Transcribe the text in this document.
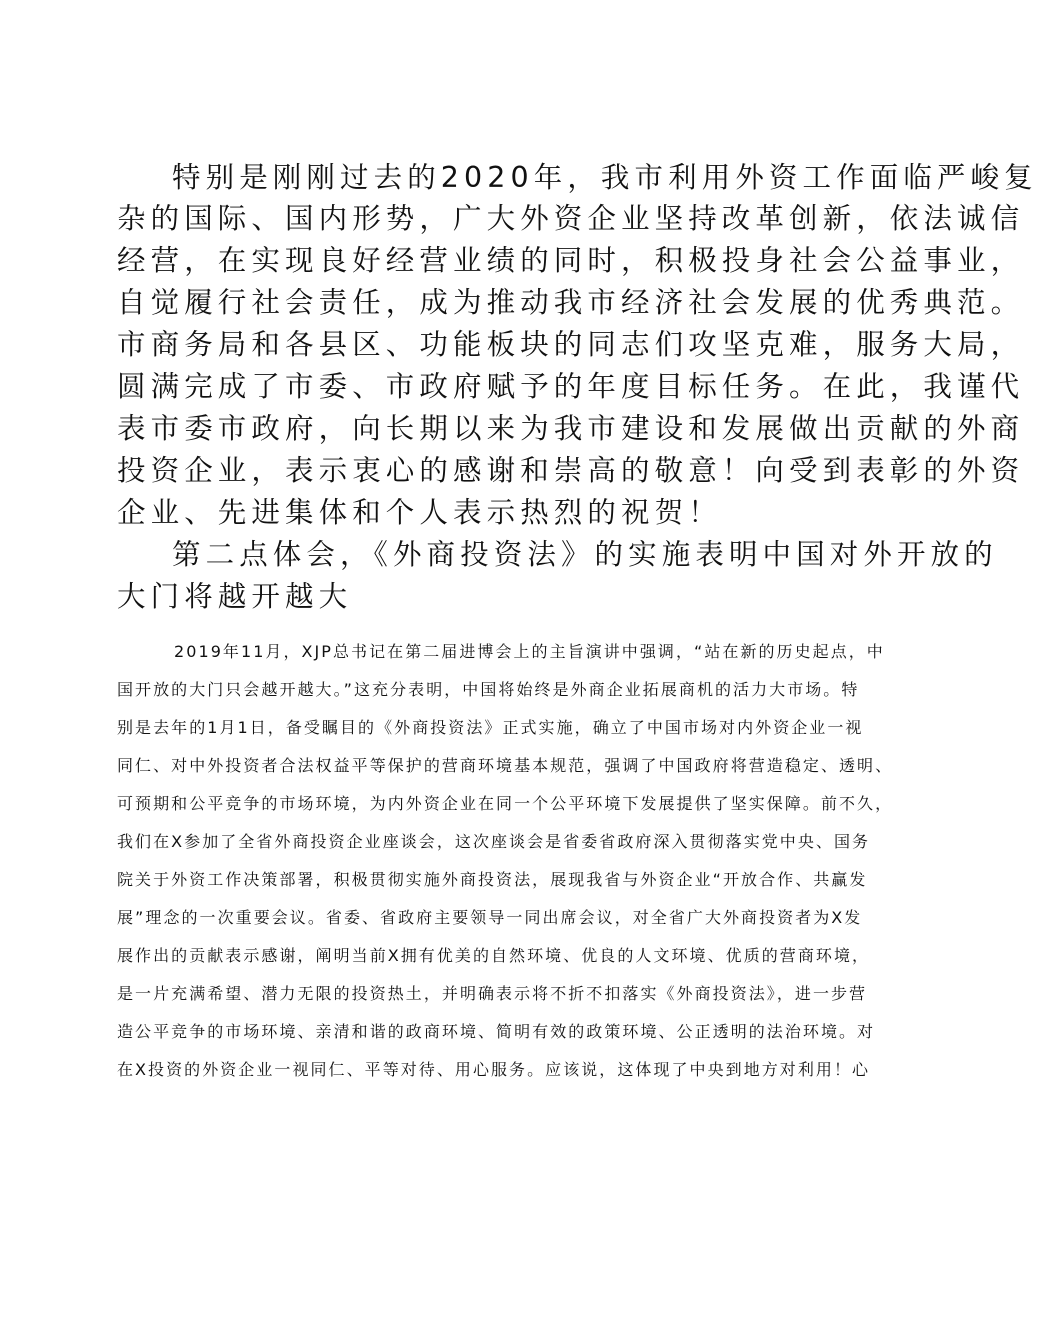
特别是刚刚过去的2020年，我市利用外资工作面临严峻复
杂的国际、国内形势，广大外资企业坚持改革创新，依法诚信
经营，在实现良好经营业绩的同时，积极投身社会公益事业，
自觉履行社会责任，成为推动我市经济社会发展的优秀典范。
市商务局和各县区、功能板块的同志们攻坚克难，服务大局，
圆满完成了市委、市政府赋予的年度目标任务。在此，我谨代
表市委市政府，向长期以来为我市建设和发展做出贡献的外商
投资企业，表示衷心的感谢和崇高的敬意！向受到表彰的外资
企业、先进集体和个人表示热烈的祝贺！
第二点体会，《外商投资法》的实施表明中国对外开放的
大门将越开越大
2019年11月，XJP总书记在第二届进博会上的主旨演讲中强调，“站在新的历史起点，中
国开放的大门只会越开越大。”这充分表明，中国将始终是外商企业拓展商机的活力大市场。特
别是去年的1月1日，备受瞩目的《外商投资法》正式实施，确立了中国市场对内外资企业一视
同仁、对中外投资者合法权益平等保护的营商环境基本规范，强调了中国政府将营造稳定、透明、
可预期和公平竞争的市场环境，为内外资企业在同一个公平环境下发展提供了坚实保障。前不久，
我们在X参加了全省外商投资企业座谈会，这次座谈会是省委省政府深入贯彻落实党中央、国务
院关于外资工作决策部署，积极贯彻实施外商投资法，展现我省与外资企业“开放合作、共赢发
展”理念的一次重要会议。省委、省政府主要领导一同出席会议，对全省广大外商投资者为X发
展作出的贡献表示感谢，阐明当前X拥有优美的自然环境、优良的人文环境、优质的营商环境，
是一片充满希望、潜力无限的投资热土，并明确表示将不折不扣落实《外商投资法》，进一步营
造公平竞争的市场环境、亲清和谐的政商环境、简明有效的政策环境、公正透明的法治环境。对
在X投资的外资企业一视同仁、平等对待、用心服务。应该说，这体现了中央到地方对利用！心
